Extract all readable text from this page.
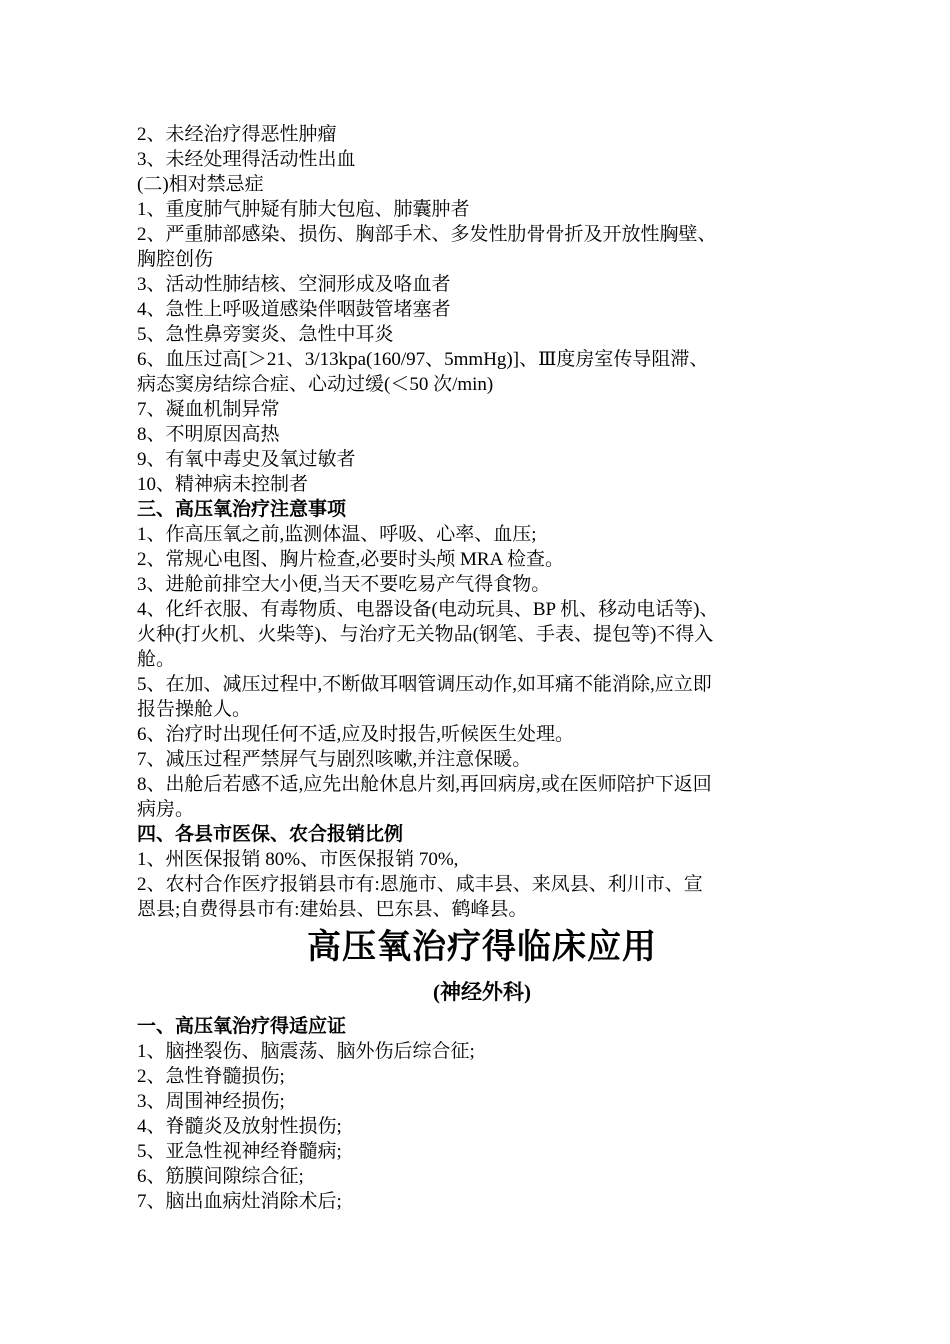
2、未经治疗得恶性肿瘤
3、未经处理得活动性出血
(二)相对禁忌症
1、重度肺气肿疑有肺大包庖、肺囊肿者
2、严重肺部感染、损伤、胸部手术、多发性肋骨骨折及开放性胸壁、
胸腔创伤
3、活动性肺结核、空洞形成及咯血者
4、急性上呼吸道感染伴咽鼓管堵塞者
5、急性鼻旁窦炎、急性中耳炎
6、血压过高[＞21、3/13kpa(160/97、5mmHg)]、Ⅲ度房室传导阻滞、
病态窦房结综合症、心动过缓(＜50 次/min)
7、凝血机制异常
8、不明原因高热
9、有氧中毒史及氧过敏者
10、精神病未控制者
三、高压氧治疗注意事项
1、作高压氧之前,监测体温、呼吸、心率、血压;
2、常规心电图、胸片检查,必要时头颅 MRA 检查。
3、进舱前排空大小便,当天不要吃易产气得食物。
4、化纤衣服、有毒物质、电器设备(电动玩具、BP 机、移动电话等)、
火种(打火机、火柴等)、与治疗无关物品(钢笔、手表、提包等)不得入
舱。
5、在加、减压过程中,不断做耳咽管调压动作,如耳痛不能消除,应立即
报告操舱人。
6、治疗时出现任何不适,应及时报告,听候医生处理。
7、减压过程严禁屏气与剧烈咳嗽,并注意保暖。
8、出舱后若感不适,应先出舱休息片刻,再回病房,或在医师陪护下返回
病房。
四、各县市医保、农合报销比例
1、州医保报销 80%、市医保报销 70%,
2、农村合作医疗报销县市有:恩施市、咸丰县、来凤县、利川市、宣
恩县;自费得县市有:建始县、巴东县、鹤峰县。
高压氧治疗得临床应用
(神经外科)
一、高压氧治疗得适应证
1、脑挫裂伤、脑震荡、脑外伤后综合征;
2、急性脊髓损伤;
3、周围神经损伤;
4、脊髓炎及放射性损伤;
5、亚急性视神经脊髓病;
6、筋膜间隙综合征;
7、脑出血病灶消除术后;
